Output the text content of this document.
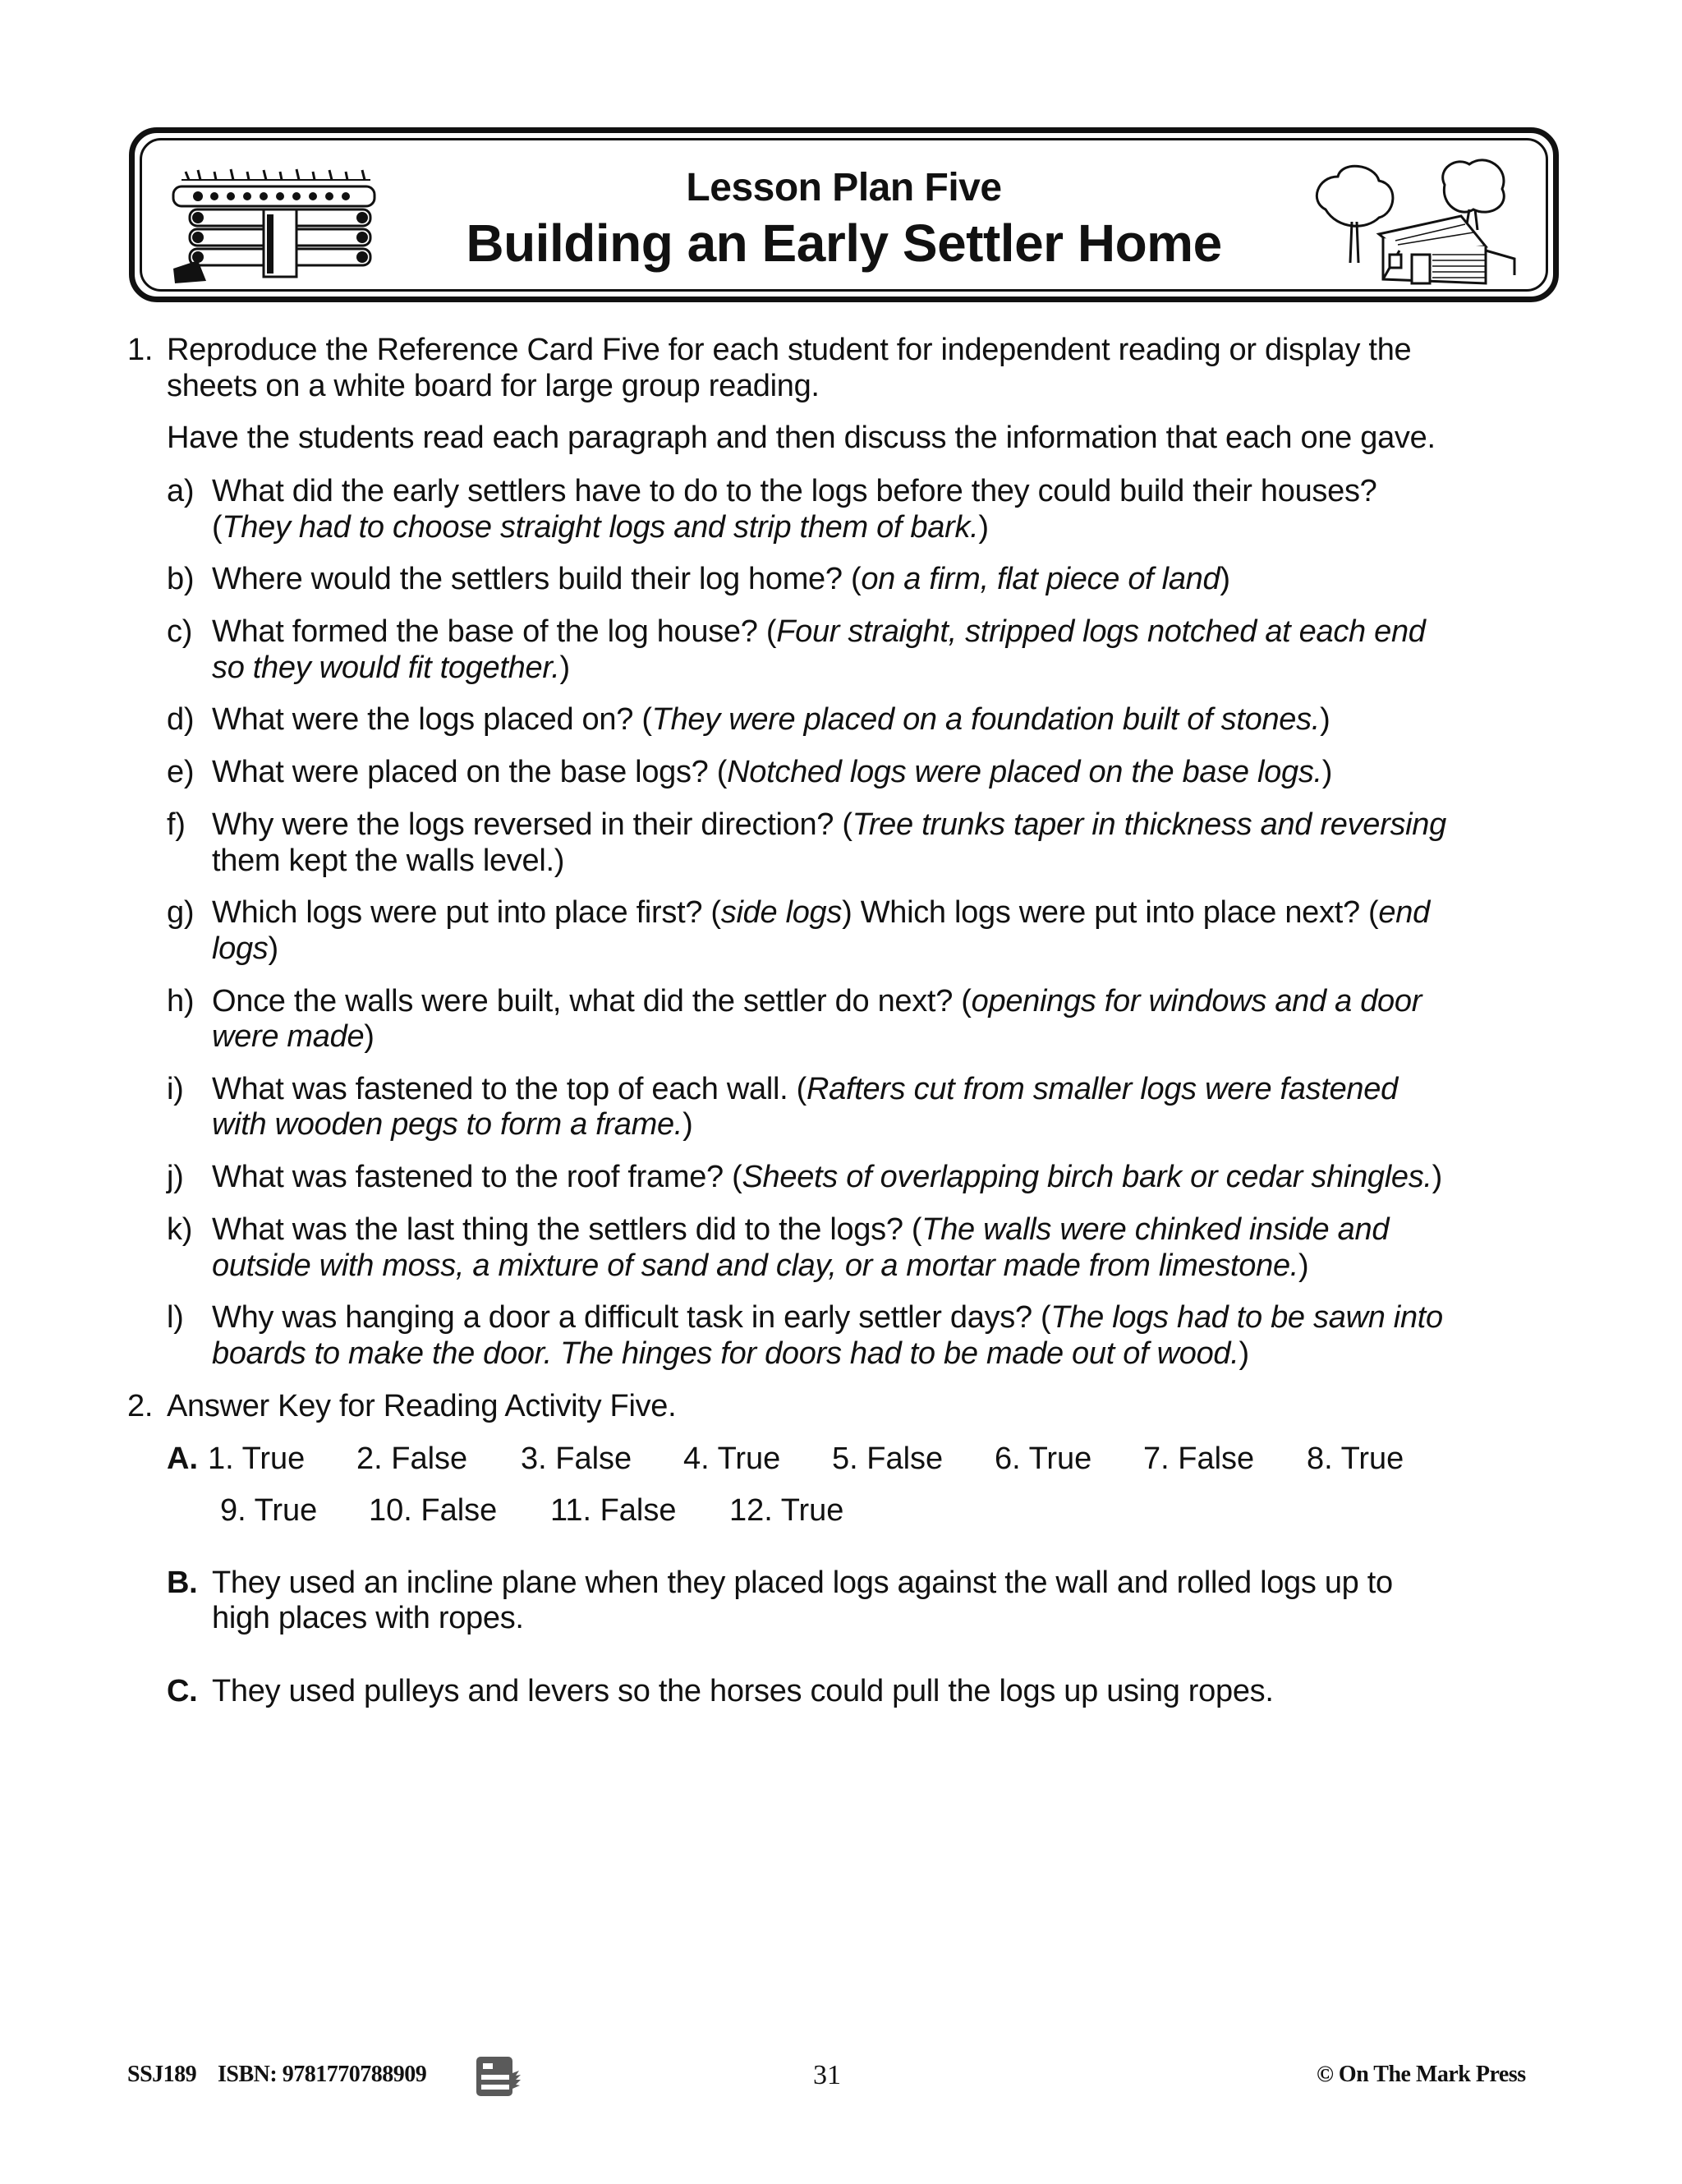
Lesson Plan Five
Building an Early Settler Home
1. Reproduce the Reference Card Five for each student for independent reading or display the
sheets on a white board for large group reading.
Have the students read each paragraph and then discuss the information that each one gave.
a) What did the early settlers have to do to the logs before they could build their houses?
(They had to choose straight logs and strip them of bark.)
b) Where would the settlers build their log home? (on a firm, flat piece of land)
c) What formed the base of the log house? (Four straight, stripped logs notched at each end
so they would fit together.)
d) What were the logs placed on? (They were placed on a foundation built of stones.)
e) What were placed on the base logs? (Notched logs were placed on the base logs.)
f) Why were the logs reversed in their direction? (Tree trunks taper in thickness and reversing
them kept the walls level.)
g) Which logs were put into place first? (side logs) Which logs were put into place next? (end
logs)
h) Once the walls were built, what did the settler do next? (openings for windows and a door
were made)
i) What was fastened to the top of each wall. (Rafters cut from smaller logs were fastened
with wooden pegs to form a frame.)
j) What was fastened to the roof frame? (Sheets of overlapping birch bark or cedar shingles.)
k) What was the last thing the settlers did to the logs? (The walls were chinked inside and
outside with moss, a mixture of sand and clay, or a mortar made from limestone.)
l) Why was hanging a door a difficult task in early settler days? (The logs had to be sawn into
boards to make the door. The hinges for doors had to be made out of wood.)
2. Answer Key for Reading Activity Five.
A. 1. True 2. False 3. False 4. True 5. False 6. True 7. False 8. True
9. True 10. False 11. False 12. True
B. They used an incline plane when they placed logs against the wall and rolled logs up to
high places with ropes.
C. They used pulleys and levers so the horses could pull the logs up using ropes.
SSJ189 ISBN: 9781770788909	31	© On The Mark Press
